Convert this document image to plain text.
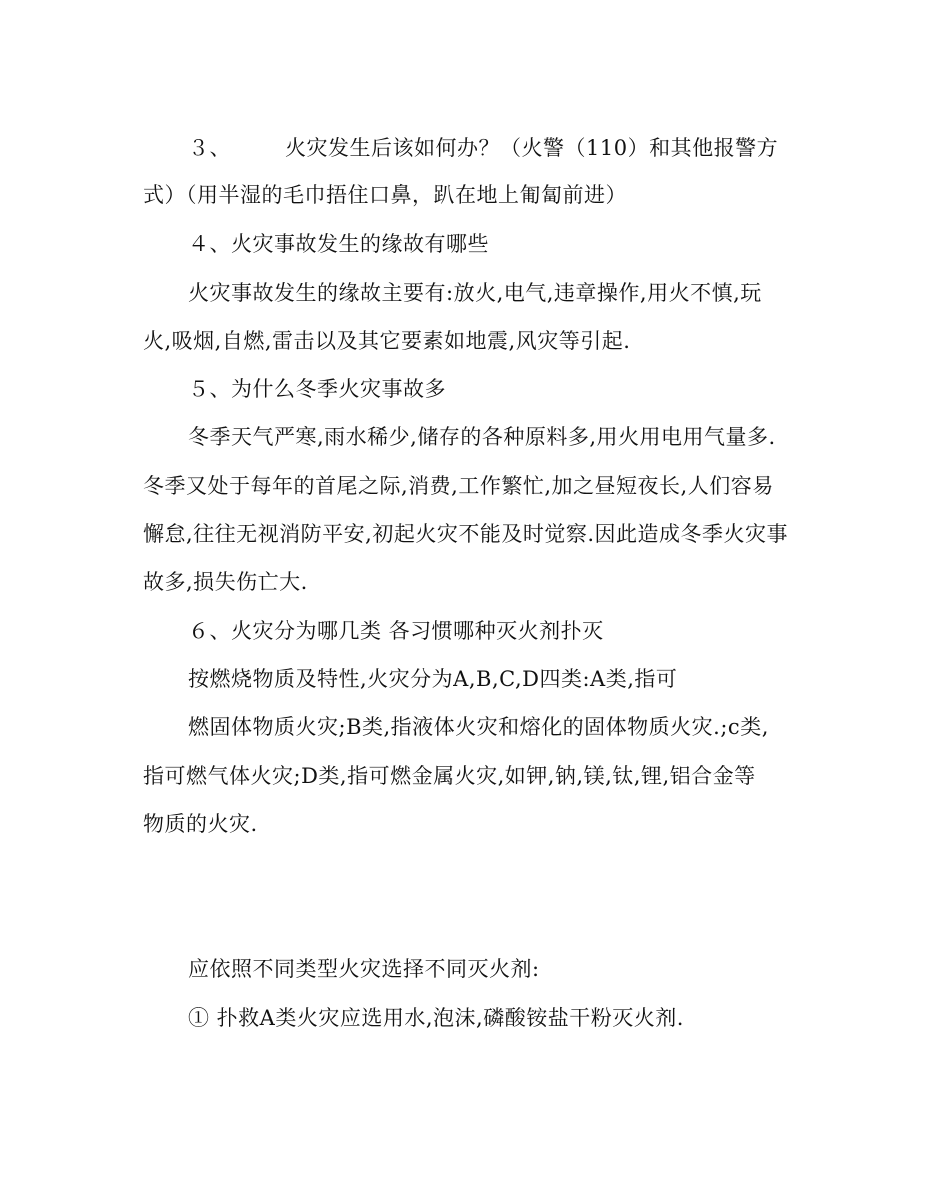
３、　　　火灾发生后该如何办？（火警（110）和其他报警方
式）（用半湿的毛巾捂住口鼻，趴在地上匍匐前进）
４、火灾事故发生的缘故有哪些
火灾事故发生的缘故主要有:放火,电气,违章操作,用火不慎,玩
火,吸烟,自燃,雷击以及其它要素如地震,风灾等引起.
５、为什么冬季火灾事故多
冬季天气严寒,雨水稀少,储存的各种原料多,用火用电用气量多.
冬季又处于每年的首尾之际,消费,工作繁忙,加之昼短夜长,人们容易
懈怠,往往无视消防平安,初起火灾不能及时觉察.因此造成冬季火灾事
故多,损失伤亡大.
６、火灾分为哪几类 各习惯哪种灭火剂扑灭
按燃烧物质及特性,火灾分为A,B,C,D四类:A类,指可
燃固体物质火灾;B类,指液体火灾和熔化的固体物质火灾.;c类,
指可燃气体火灾;D类,指可燃金属火灾,如钾,钠,镁,钛,锂,铝合金等
物质的火灾.
应依照不同类型火灾选择不同灭火剂:
① 扑救A类火灾应选用水,泡沫,磷酸铵盐干粉灭火剂.
